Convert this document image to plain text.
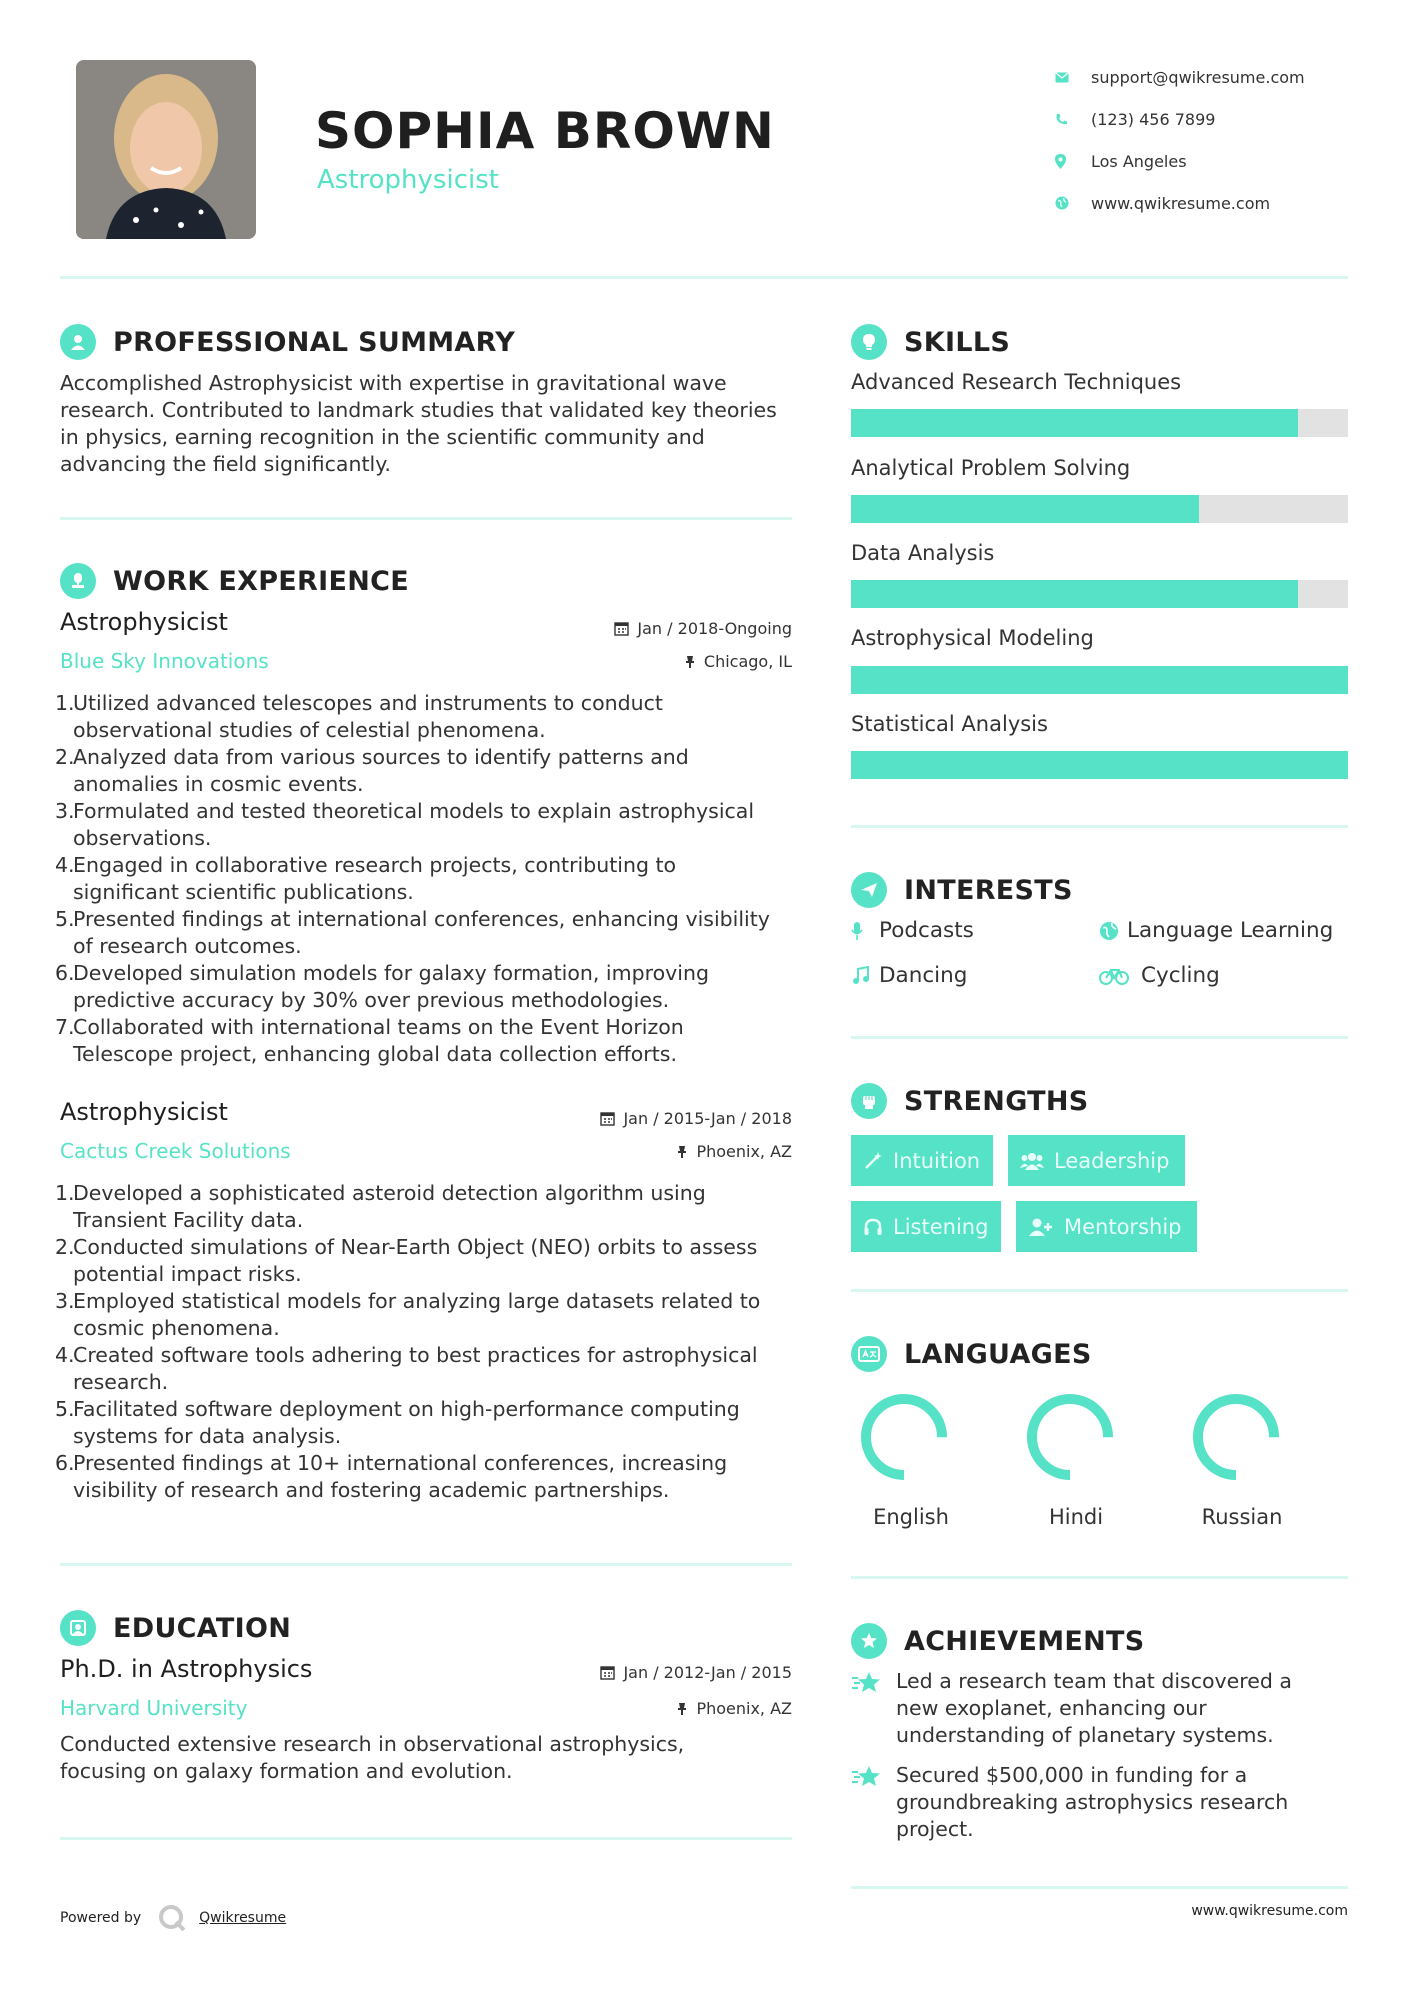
SOPHIA BROWN
Astrophysicist
support@qwikresume.com
(123) 456 7899
Los Angeles
www.qwikresume.com
PROFESSIONAL SUMMARY
Accomplished Astrophysicist with expertise in gravitational wave
research. Contributed to landmark studies that validated key theories
in physics, earning recognition in the scientific community and
advancing the field significantly.
WORK EXPERIENCE
Astrophysicist
Blue Sky Innovations
Jan / 2018-Ongoing
Chicago, IL
1.
Utilized advanced telescopes and instruments to conduct
observational studies of celestial phenomena.
2.
Analyzed data from various sources to identify patterns and
anomalies in cosmic events.
3.
Formulated and tested theoretical models to explain astrophysical
observations.
4.
Engaged in collaborative research projects, contributing to
significant scientific publications.
5.
Presented findings at international conferences, enhancing visibility
of research outcomes.
6.
Developed simulation models for galaxy formation, improving
predictive accuracy by 30% over previous methodologies.
7.
Collaborated with international teams on the Event Horizon
Telescope project, enhancing global data collection efforts.
Astrophysicist
Cactus Creek Solutions
Jan / 2015-Jan / 2018
Phoenix, AZ
1.
Developed a sophisticated asteroid detection algorithm using
Transient Facility data.
2.
Conducted simulations of Near-Earth Object (NEO) orbits to assess
potential impact risks.
3.
Employed statistical models for analyzing large datasets related to
cosmic phenomena.
4.
Created software tools adhering to best practices for astrophysical
research.
5.
Facilitated software deployment on high-performance computing
systems for data analysis.
6.
Presented findings at 10+ international conferences, increasing
visibility of research and fostering academic partnerships.
EDUCATION
Ph.D. in Astrophysics
Harvard University
Jan / 2012-Jan / 2015
Phoenix, AZ
Conducted extensive research in observational astrophysics,
focusing on galaxy formation and evolution.
SKILLS
Advanced Research Techniques
Analytical Problem Solving
Data Analysis
Astrophysical Modeling
Statistical Analysis
INTERESTS
Podcasts	Language Learning
Dancing	Cycling
STRENGTHS
Intuition	Leadership
Listening	Mentorship
LANGUAGES
English	Hindi	Russian
ACHIEVEMENTS
Led a research team that discovered a
new exoplanet, enhancing our
understanding of planetary systems.
Secured $500,000 in funding for a
groundbreaking astrophysics research
project.
Powered by	Qwikresume	www.qwikresume.com
